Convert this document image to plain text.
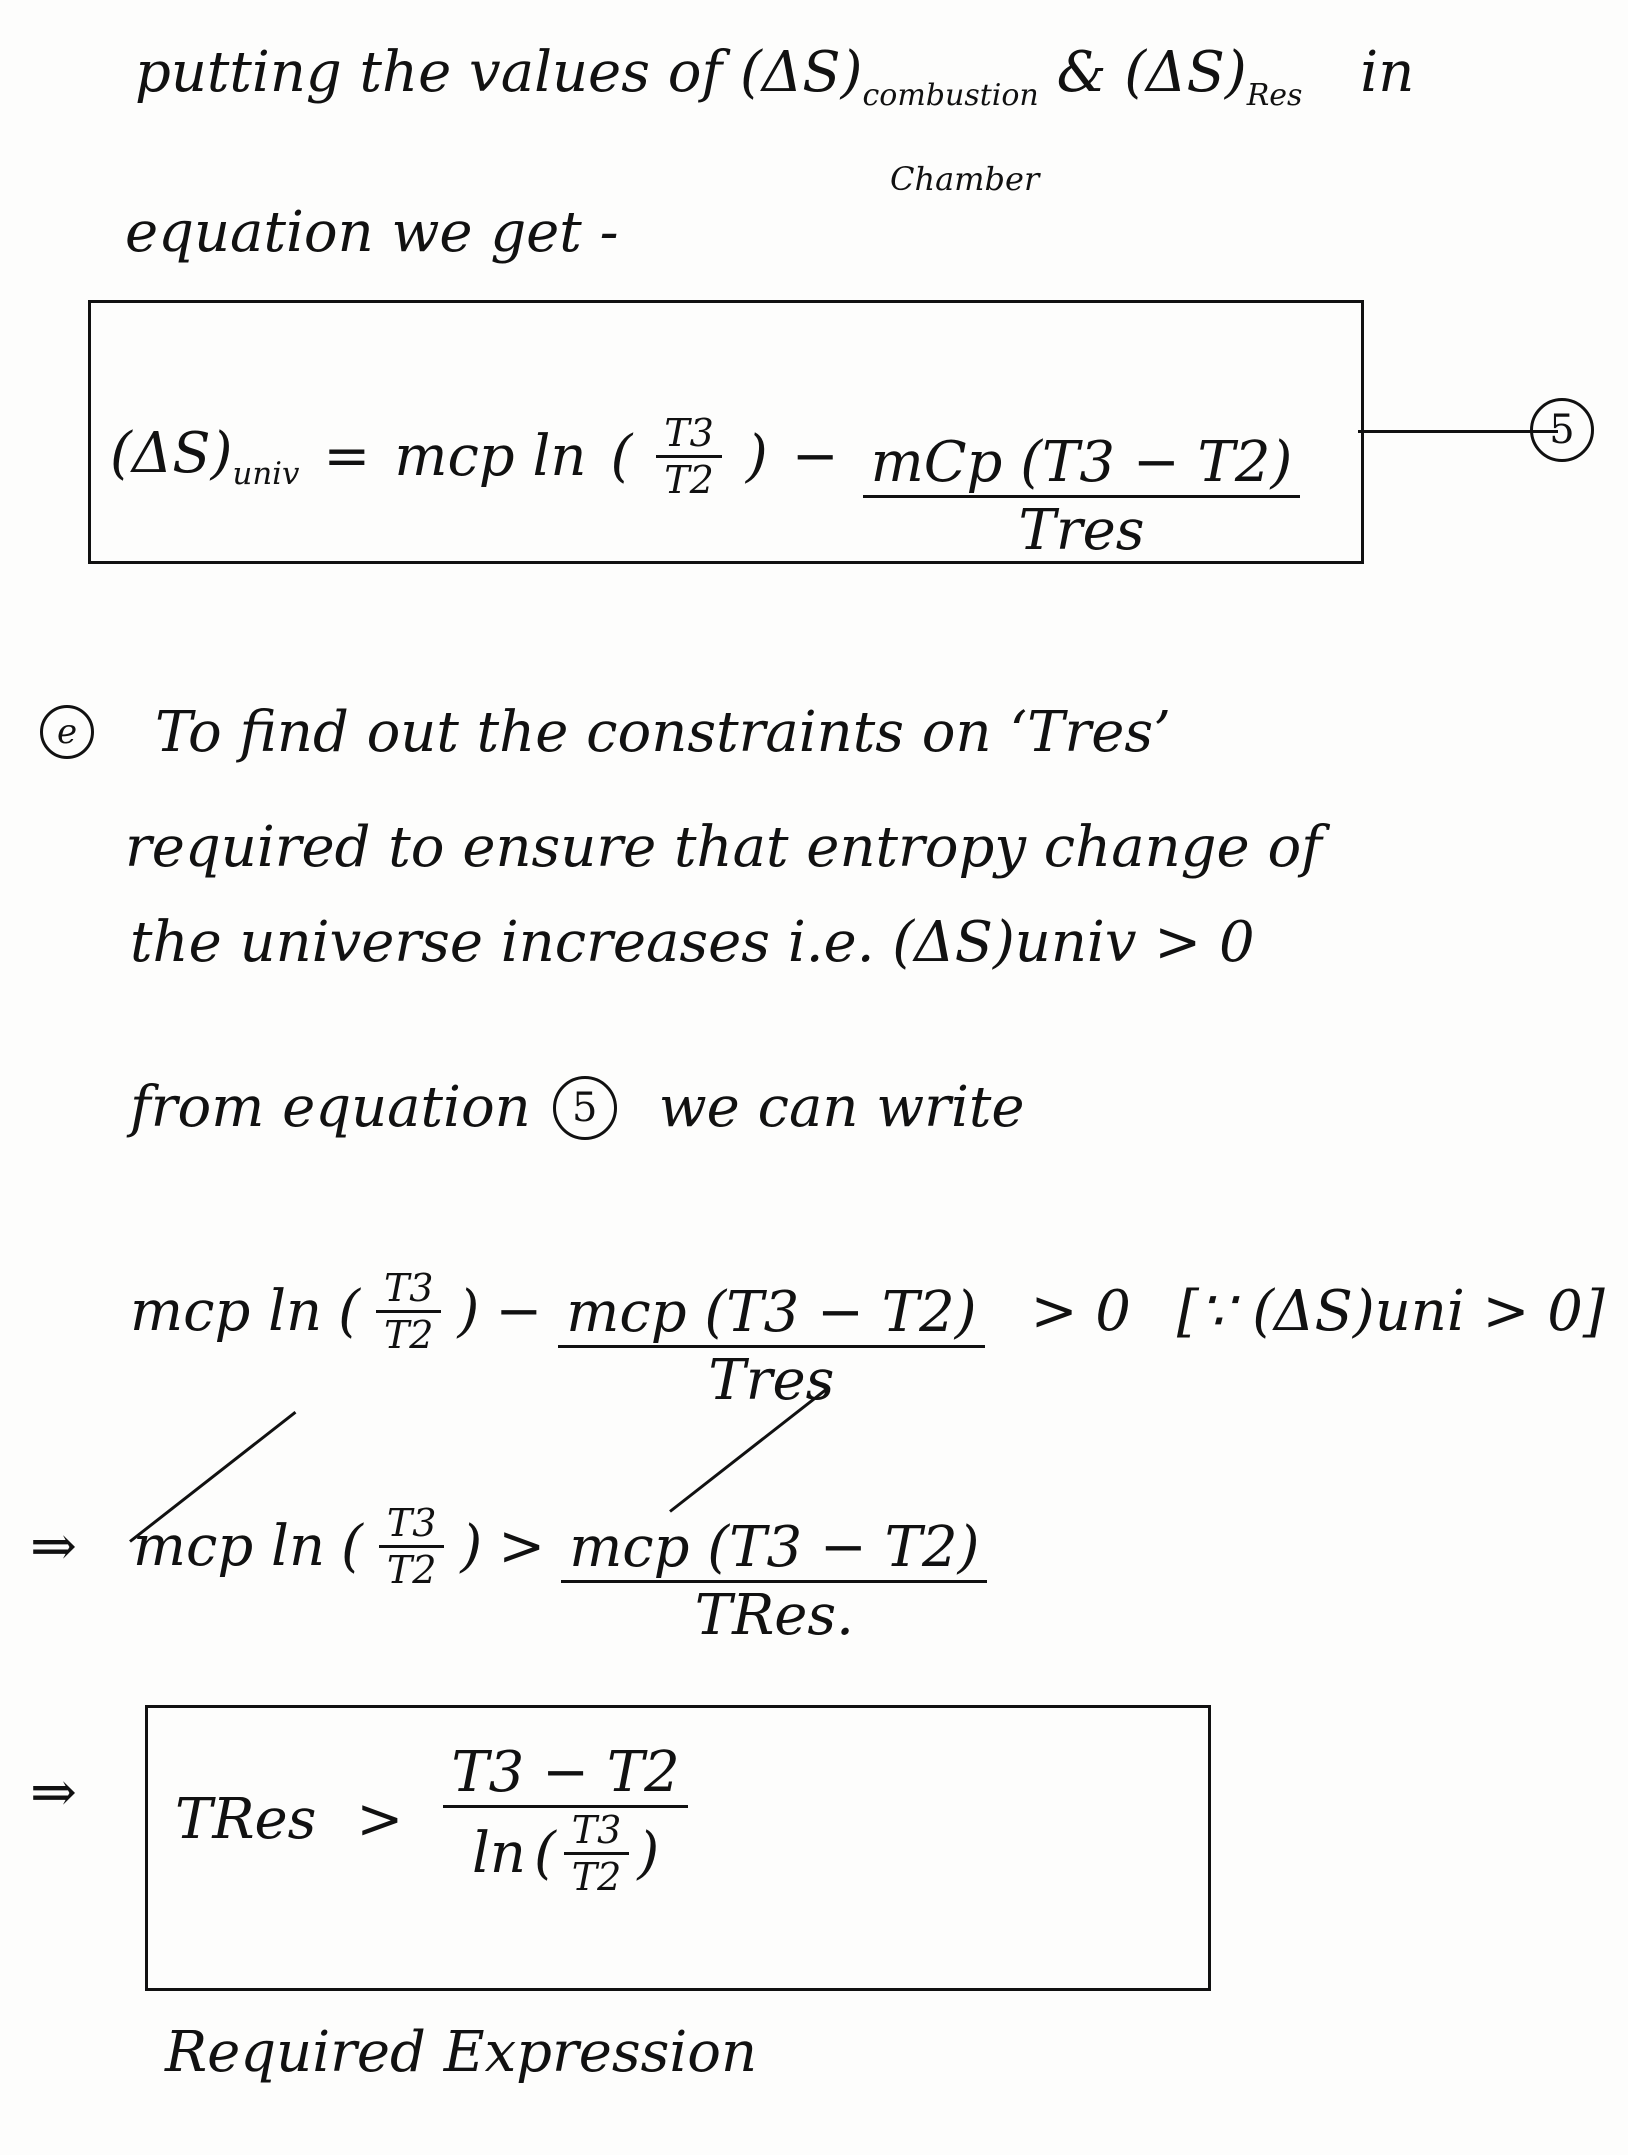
putting the values of $(\Delta S)_{combustion}$ & $(\Delta S)_{Res}$ in
Chamber
equation we get -
$(\Delta S)_{univ}$ = mcp ln ( $\frac{T3}{T2}$ ) − $\frac{\text{mCp (T3 − T2)}}{\text{Tres}}$	5
e	To find out the constraints on ‘Tres’
required to ensure that entropy change of
the universe increases i.e. (ΔS)univ > 0
from equation	5	we can write
mcp ln ( $\frac{T3}{T2}$ ) − $\frac{\text{mcp (T3 − T2)}}{\text{Tres}} > 0$ [∵ (ΔS)uni > 0]
⇒ mcp ln ( $\frac{T3}{T2}$ ) > $\frac{\text{mcp (T3 − T2)}}{\text{TRes.}}$
⇒ TRes > $\frac{T3 - T2}{\ln ( \frac{T3}{T2} )}$
Required Expression
